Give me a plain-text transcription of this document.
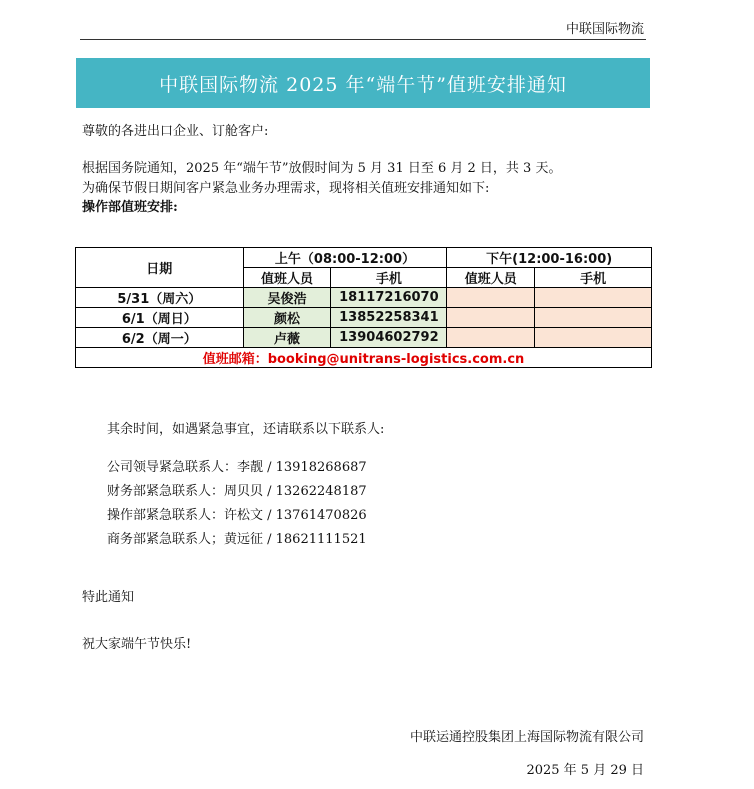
中联国际物流
中联国际物流 2025 年“端午节”值班安排通知
尊敬的各进出口企业、订舱客户:
根据国务院通知，2025 年“端午节”放假时间为 5 月 31 日至 6 月 2 日，共 3 天。
为确保节假日期间客户紧急业务办理需求，现将相关值班安排通知如下:
操作部值班安排:
日期	上午（08:00-12:00）		下午(12:00-16:00)	
	值班人员	手机	值班人员	手机
5/31（周六）	吴俊浩	18117216070		
6/1（周日）	颜松	13852258341		
6/2（周一）	卢薇	13904602792		
值班邮箱：booking@unitrans-logistics.com.cn				
其余时间，如遇紧急事宜，还请联系以下联系人:
公司领导紧急联系人：李靓 / 13918268687
财务部紧急联系人：周贝贝 / 13262248187
操作部紧急联系人：许松文 / 13761470826
商务部紧急联系人；黄远征 / 18621111521
特此通知
祝大家端午节快乐!
中联运通控股集团上海国际物流有限公司
2025 年 5 月 29 日
